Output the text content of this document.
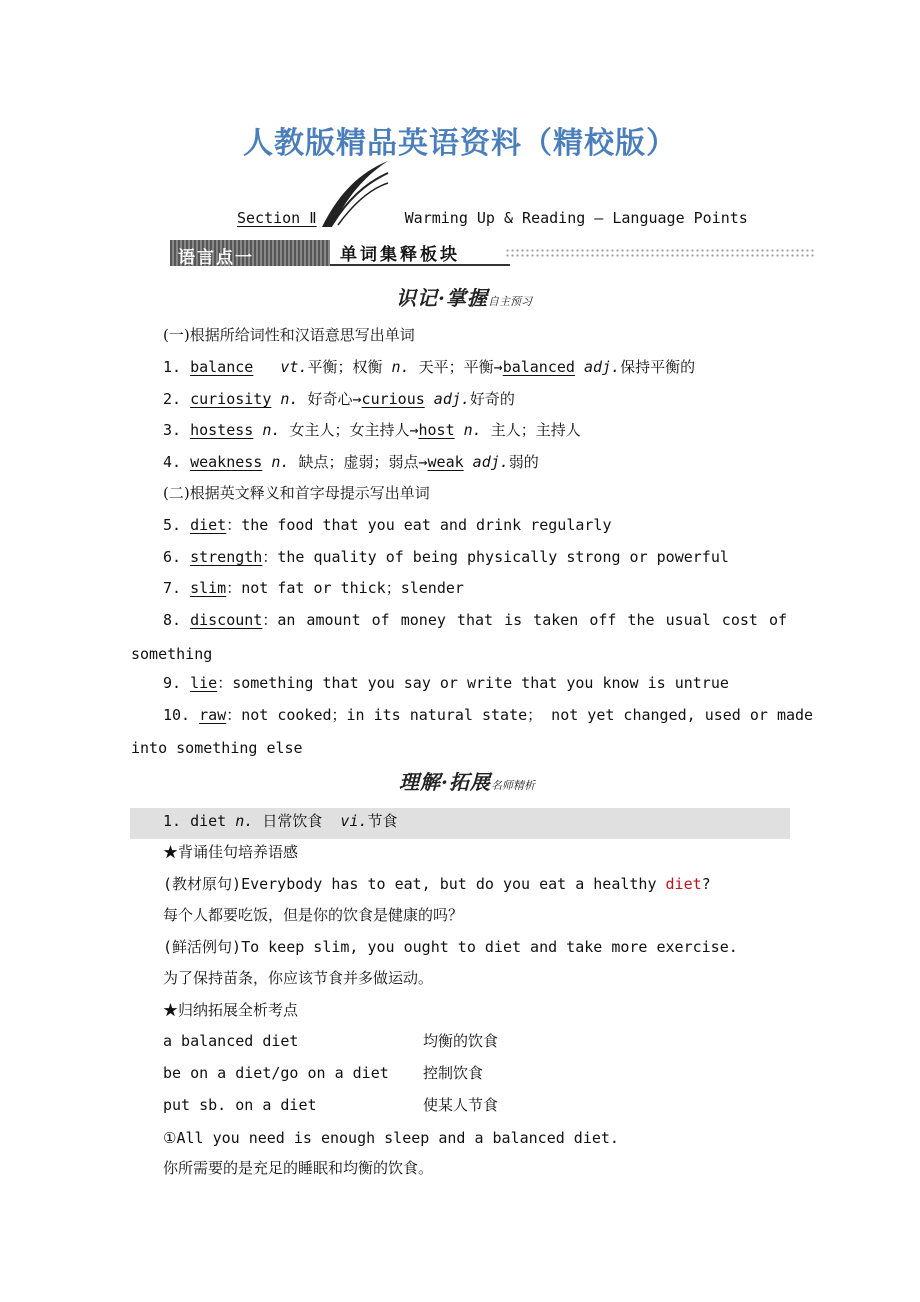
人教版精品英语资料（精校版）
Section Ⅱ	Warming Up & Reading — Language Points
语言点一	单词集释板块
识记·掌握自主预习
(一)根据所给词性和汉语意思写出单词
1. balance vt.平衡；权衡 n. 天平；平衡→balanced adj.保持平衡的
2. curiosity n. 好奇心→curious adj.好奇的
3. hostess n. 女主人；女主持人→host n. 主人；主持人
4. weakness n. 缺点；虚弱；弱点→weak adj.弱的
(二)根据英文释义和首字母提示写出单词
5. diet：the food that you eat and drink regularly
6. strength：the quality of being physically strong or powerful
7. slim：not fat or thick；slender
8. discount：an amount of money that is taken off the usual cost of
something
9. lie：something that you say or write that you know is untrue
10. raw：not cooked；in its natural state； not yet changed, used or made
into something else
理解·拓展名师精析
1. diet n. 日常饮食 vi.节食
★背诵佳句培养语感
(教材原句)Everybody has to eat, but do you eat a healthy diet?
每个人都要吃饭，但是你的饮食是健康的吗？
(鲜活例句)To keep slim, you ought to diet and take more exercise.
为了保持苗条，你应该节食并多做运动。
★归纳拓展全析考点
a balanced diet	均衡的饮食
be on a diet/go on a diet 控制饮食
put sb. on a diet	使某人节食
①All you need is enough sleep and a balanced diet.
你所需要的是充足的睡眠和均衡的饮食。
